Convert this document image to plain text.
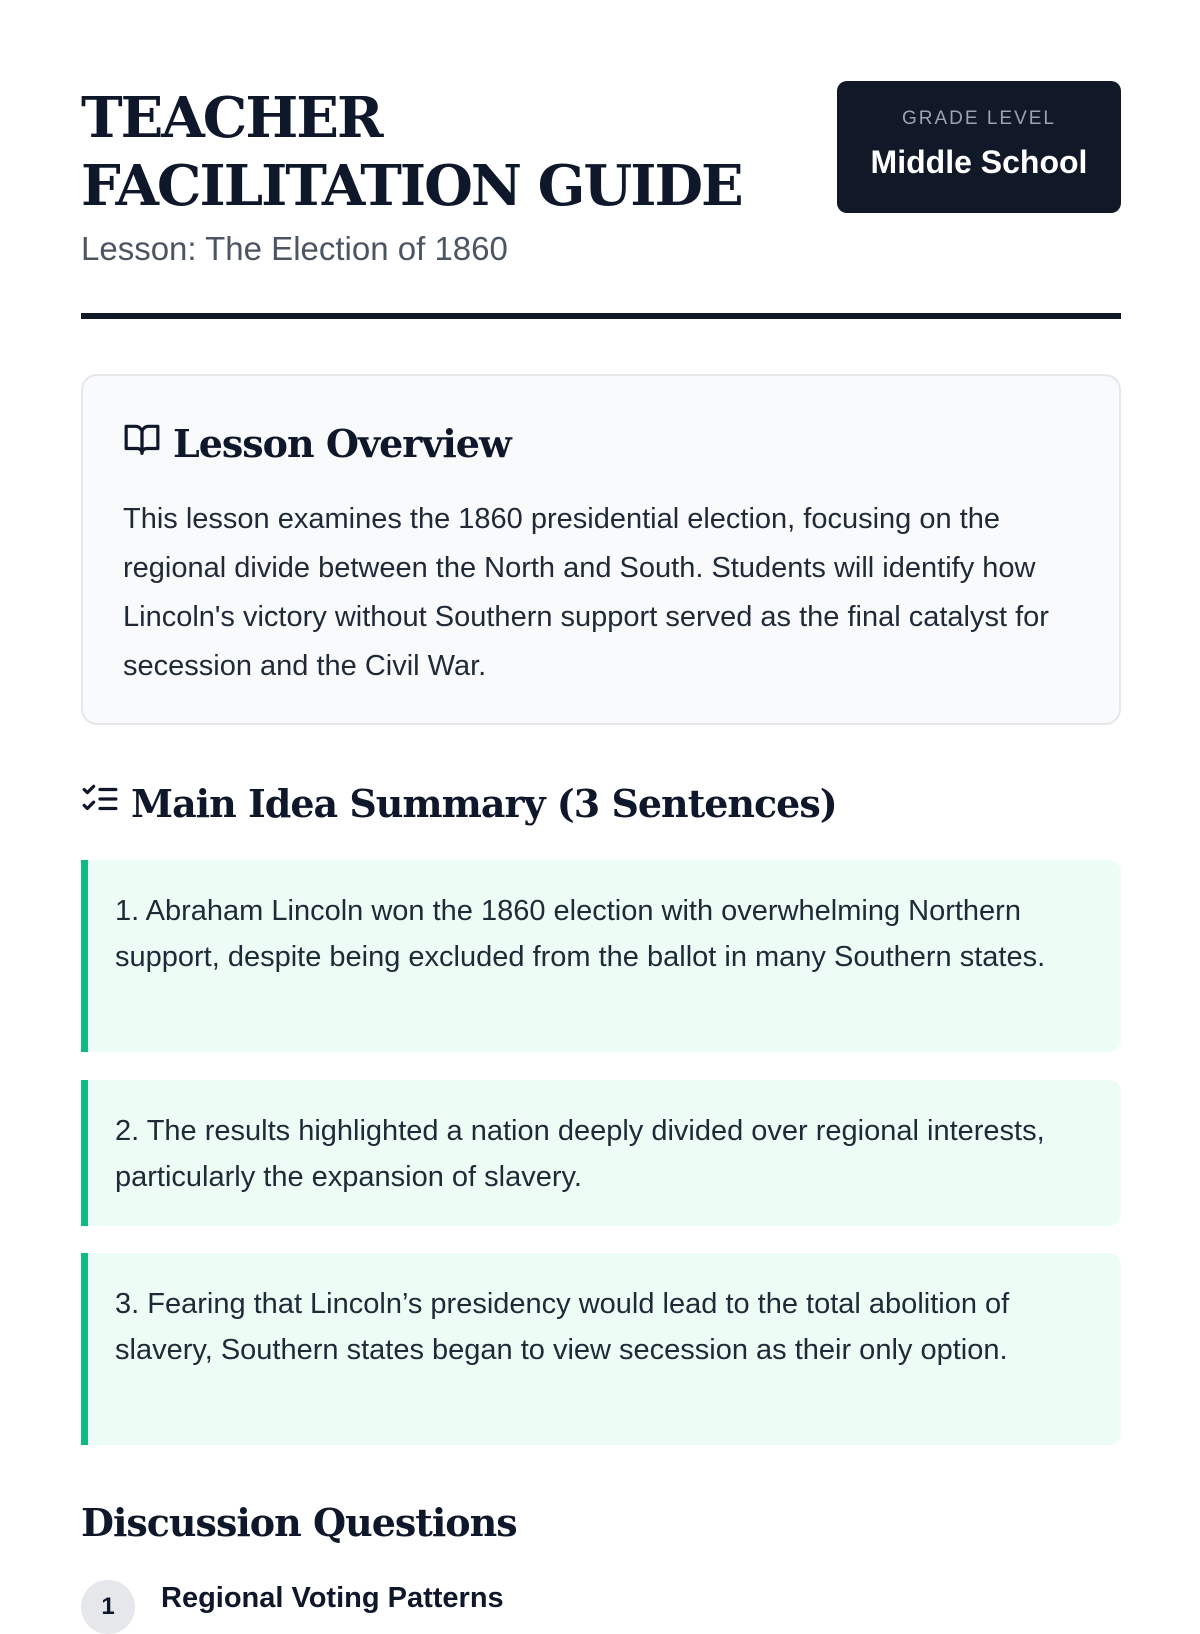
TEACHER FACILITATION GUIDE

Lesson: The Election of 1860

GRADE LEVEL
Middle School
Lesson Overview

This lesson examines the 1860 presidential election, focusing on the regional divide between the North and South. Students will identify how Lincoln's victory without Southern support served as the final catalyst for secession and the Civil War.

Main Idea Summary (3 Sentences)
1. Abraham Lincoln won the 1860 election with overwhelming Northern support, despite being excluded from the ballot in many Southern states.
2. The results highlighted a nation deeply divided over regional interests, particularly the expansion of slavery.
3. Fearing that Lincoln’s presidency would lead to the total abolition of slavery, Southern states began to view secession as their only option.
Discussion Questions
1	Regional Voting Patterns
